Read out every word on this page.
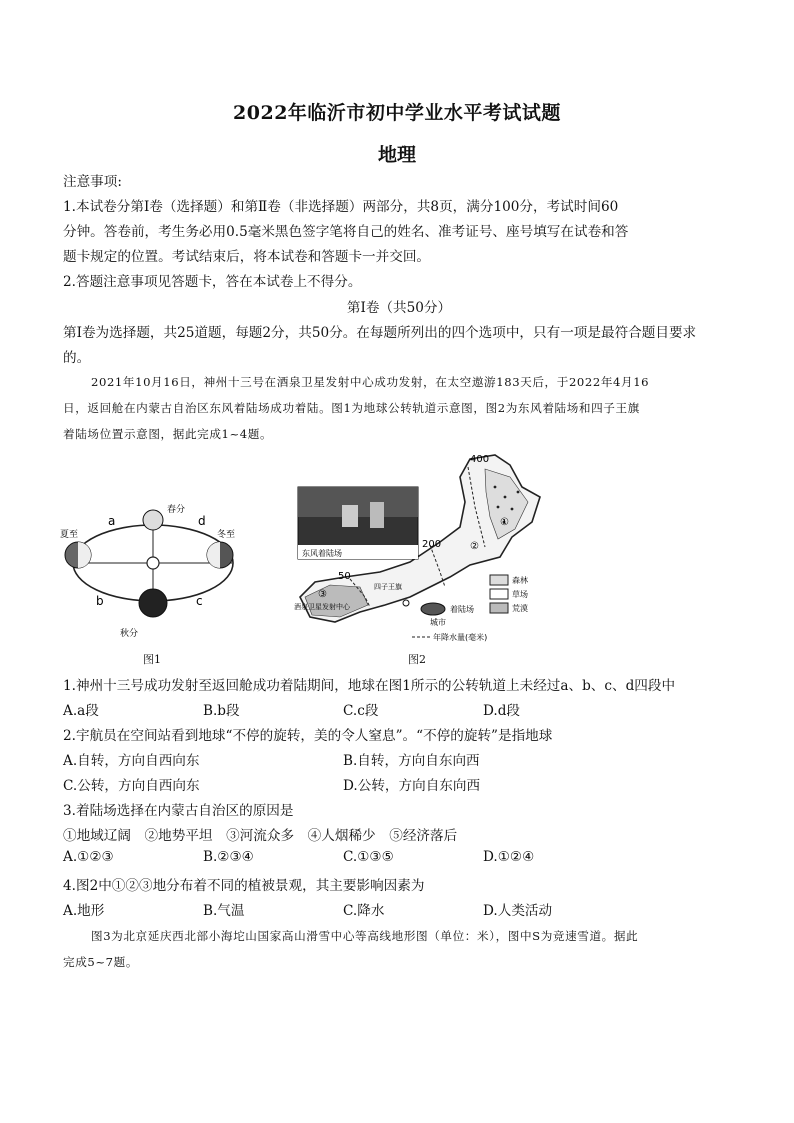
2022年临沂市初中学业水平考试试题
地理
注意事项:
1.本试卷分第Ⅰ卷（选择题）和第Ⅱ卷（非选择题）两部分，共8页，满分100分，考试时间60
分钟。答卷前，考生务必用0.5毫米黑色签字笔将自己的姓名、准考证号、座号填写在试卷和答
题卡规定的位置。考试结束后，将本试卷和答题卡一并交回。
2.答题注意事项见答题卡，答在本试卷上不得分。
第Ⅰ卷（共50分）
第Ⅰ卷为选择题，共25道题，每题2分，共50分。在每题所列出的四个选项中，只有一项是最符合题目要求
的。
2021年10月16日，神州十三号在酒泉卫星发射中心成功发射，在太空遨游183天后，于2022年4月16
日，返回舱在内蒙古自治区东风着陆场成功着陆。图1为地球公转轨道示意图，图2为东风着陆场和四子王旗
着陆场位置示意图，据此完成1~4题。
春分
夏至	冬至
秋分
a
b	c
d
图1
400
200
50
东风着陆场
①
②
③
酒泉卫星发射中心
四子王旗
森林
草场
荒漠
着陆场
城市
年降水量(毫米)
图2
1.神州十三号成功发射至返回舱成功着陆期间，地球在图1所示的公转轨道上未经过a、b、c、d四段中
A.a段	B.b段	C.c段	D.d段
2.宇航员在空间站看到地球“不停的旋转，美的令人窒息”。“不停的旋转”是指地球
A.自转，方向自西向东	B.自转，方向自东向西
C.公转，方向自西向东	D.公转，方向自东向西
3.着陆场选择在内蒙古自治区的原因是
①地域辽阔　②地势平坦　③河流众多　④人烟稀少　⑤经济落后
A.①②③	B.②③④	C.①③⑤	D.①②④
4.图2中①②③地分布着不同的植被景观，其主要影响因素为
A.地形	B.气温	C.降水	D.人类活动
图3为北京延庆西北部小海坨山国家高山滑雪中心等高线地形图（单位：米），图中S为竞速雪道。据此
完成5~7题。
